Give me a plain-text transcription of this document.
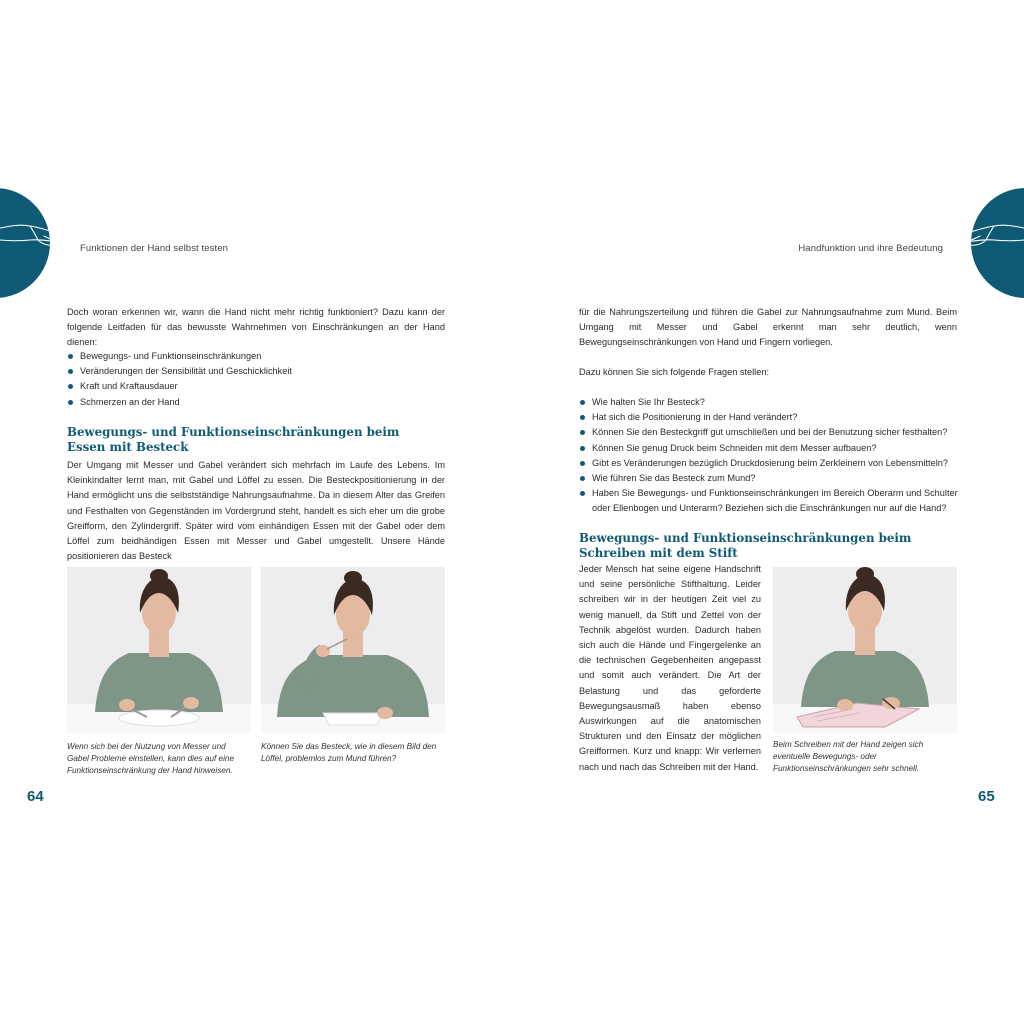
Funktionen der Hand selbst testen

Doch woran erkennen wir, wann die Hand nicht mehr richtig funktioniert? Dazu kann der folgende Leitfaden für das bewusste Wahrnehmen von Einschränkungen an der Hand dienen:

Bewegungs- und Funktionseinschränkungen
Veränderungen der Sensibilität und Geschicklichkeit
Kraft und Kraftausdauer
Schmerzen an der Hand
Bewegungs- und Funktionseinschränkungen beim Essen mit Besteck

Der Umgang mit Messer und Gabel verändert sich mehrfach im Laufe des Lebens. Im Kleinkindalter lernt man, mit Gabel und Löffel zu essen. Die Besteckpositionierung in der Hand ermöglicht uns die selbstständige Nahrungsaufnahme. Da in diesem Alter das Greifen und Festhalten von Gegenständen im Vordergrund steht, handelt es sich eher um die grobe Greifform, den Zylindergriff. Später wird vom einhändigen Essen mit der Gabel oder dem Löffel zum beidhändigen Essen mit Messer und Gabel umgestellt. Unsere Hände positionieren das Besteck

Wenn sich bei der Nutzung von Messer und Gabel Probleme einstellen, kann dies auf eine Funktionseinschränkung der Hand hinweisen.

Können Sie das Besteck, wie in diesem Bild den Löffel, problemlos zum Mund führen?

64
Handfunktion und ihre Bedeutung

für die Nahrungszerteilung und führen die Gabel zur Nahrungsaufnahme zum Mund. Beim Umgang mit Messer und Gabel erkennt man sehr deutlich, wenn Bewegungseinschränkungen von Hand und Fingern vorliegen.

Dazu können Sie sich folgende Fragen stellen:

Wie halten Sie Ihr Besteck?
Hat sich die Positionierung in der Hand verändert?
Können Sie den Besteckgriff gut umschließen und bei der Benutzung sicher festhalten?
Können Sie genug Druck beim Schneiden mit dem Messer aufbauen?
Gibt es Veränderungen bezüglich Druckdosierung beim Zerkleinern von Lebensmitteln?
Wie führen Sie das Besteck zum Mund?
Haben Sie Bewegungs- und Funktionseinschränkungen im Bereich Oberarm und Schulter oder Ellenbogen und Unterarm? Beziehen sich die Einschränkungen nur auf die Hand?
Bewegungs- und Funktionseinschränkungen beim Schreiben mit dem Stift

Jeder Mensch hat seine eigene Handschrift und seine persönliche Stifthaltung. Leider schreiben wir in der heutigen Zeit viel zu wenig manuell, da Stift und Zettel von der Technik abgelöst wurden. Dadurch haben sich auch die Hände und Fingergelenke an die technischen Gegebenheiten angepasst und somit auch verändert. Die Art der Belastung und das geforderte Bewegungsausmaß haben ebenso Auswirkungen auf die anatomischen Strukturen und den Einsatz der möglichen Greifformen. Kurz und knapp: Wir verlernen nach und nach das Schreiben mit der Hand.

Beim Schreiben mit der Hand zeigen sich eventuelle Bewegungs- oder Funktionseinschränkungen sehr schnell.

65
